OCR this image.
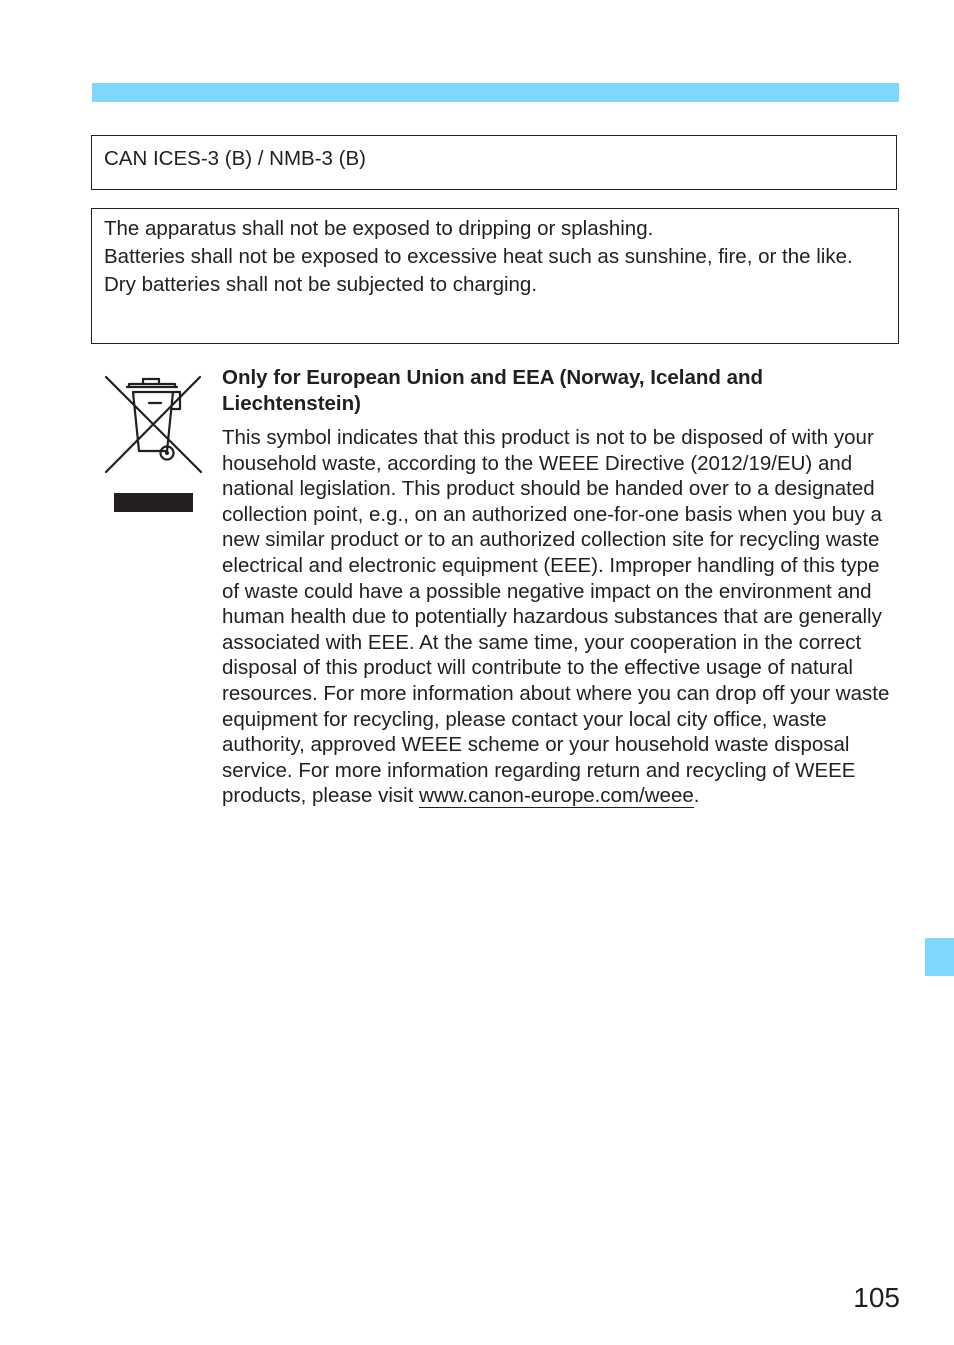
CAN ICES-3 (B) / NMB-3 (B)

The apparatus shall not be exposed to dripping or splashing.

Batteries shall not be exposed to excessive heat such as sunshine, fire, or the like.

Dry batteries shall not be subjected to charging.

Only for European Union and EEA (Norway, Iceland and Liechtenstein)

This symbol indicates that this product is not to be disposed of with your household waste, according to the WEEE Directive (2012/19/EU) and national legislation. This product should be handed over to a designated collection point, e.g., on an authorized one-for-one basis when you buy a new similar product or to an authorized collection site for recycling waste electrical and electronic equipment (EEE). Improper handling of this type of waste could have a possible negative impact on the environment and human health due to potentially hazardous substances that are generally associated with EEE. At the same time, your cooperation in the correct disposal of this product will contribute to the effective usage of natural resources. For more information about where you can drop off your waste equipment for recycling, please contact your local city office, waste authority, approved WEEE scheme or your household waste disposal service. For more information regarding return and recycling of WEEE products, please visit www.canon-europe.com/weee.

105
